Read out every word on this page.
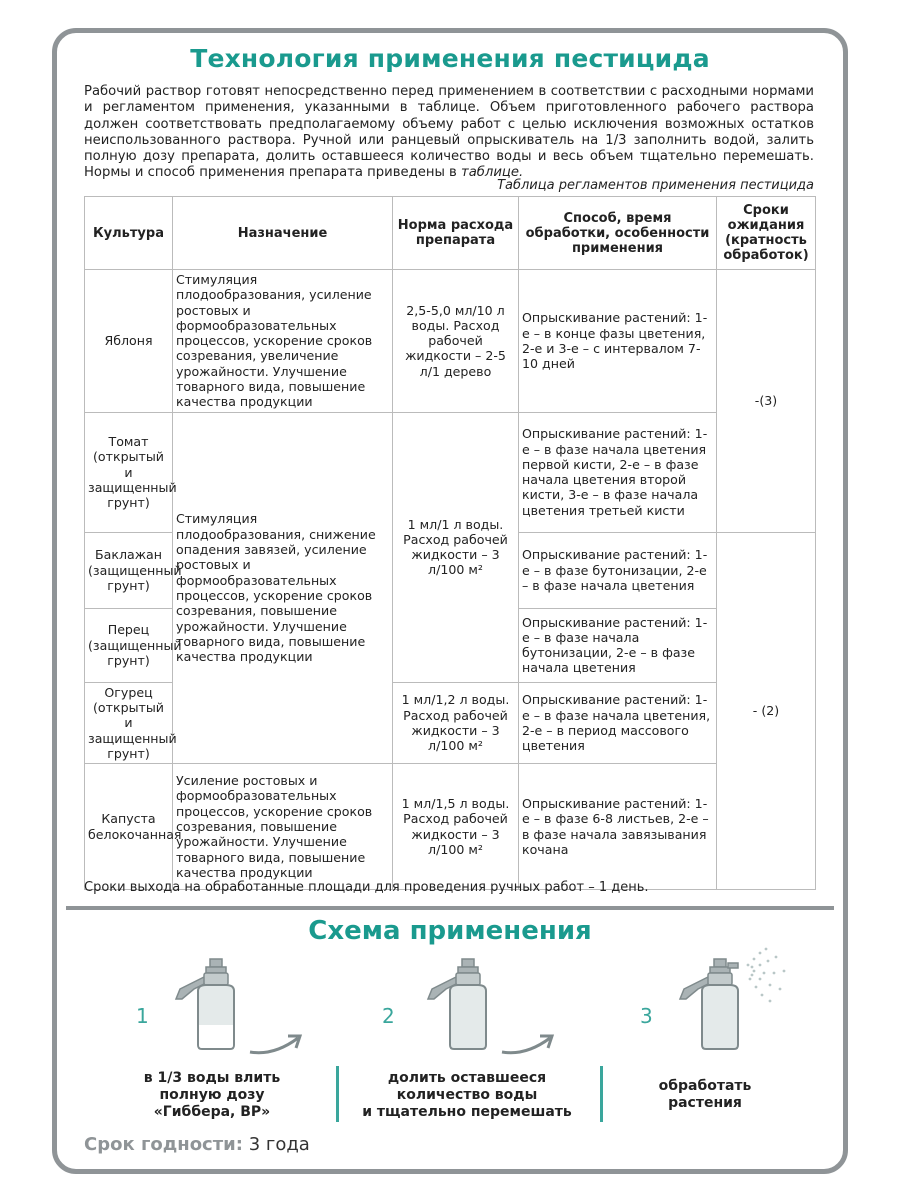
Технология применения пестицида
Рабочий раствор готовят непосредственно перед применением в соответствии с расходными нормами и регламентом применения, указанными в таблице. Объем приготовленного рабочего раствора должен соответствовать предполагаемому объему работ с целью исключения возможных остатков неиспользованного раствора. Ручной или ранцевый опрыскиватель на 1/3 заполнить водой, залить полную дозу препарата, долить оставшееся количество воды и весь объем тщательно перемешать. Нормы и способ применения препарата приведены в таблице.
Таблица регламентов применения пестицида
Культура	Назначение	Норма расхода препарата	Способ, время обработки, особенности применения	Сроки ожидания (кратность обработок)
Яблоня	Стимуляция плодообразования, усиление ростовых и формообразовательных процессов, ускорение сроков созревания, увеличение урожайности. Улучшение товарного вида, повышение качества продукции	2,5-5,0 мл/10 л воды. Расход рабочей жидкости – 2-5 л/1 дерево	Опрыскивание растений: 1-е – в конце фазы цветения, 2-е и 3-е – с интервалом 7-10 дней	-(3)
Томат (открытый и защищенный грунт)	Стимуляция плодообразования, снижение опадения завязей, усиление ростовых и формообразовательных процессов, ускорение сроков созревания, повышение урожайности. Улучшение товарного вида, повышение качества продукции	1 мл/1 л воды. Расход рабочей жидкости – 3 л/100 м²	Опрыскивание растений: 1-е – в фазе начала цветения первой кисти, 2-е – в фазе начала цветения второй кисти, 3-е – в фазе начала цветения третьей кисти	
Баклажан (защищенный грунт)			Опрыскивание растений: 1-е – в фазе бутонизации, 2-е – в фазе начала цветения	- (2)
Перец (защищенный грунт)			Опрыскивание растений: 1-е – в фазе начала бутонизации, 2-е – в фазе начала цветения	
Огурец (открытый и защищенный грунт)		1 мл/1,2 л воды. Расход рабочей жидкости – 3 л/100 м²	Опрыскивание растений: 1-е – в фазе начала цветения, 2-е – в период массового цветения	
Капуста белокочанная	Усиление ростовых и формообразовательных процессов, ускорение сроков созревания, повышение урожайности. Улучшение товарного вида, повышение качества продукции	1 мл/1,5 л воды. Расход рабочей жидкости – 3 л/100 м²	Опрыскивание растений: 1-е – в фазе 6-8 листьев, 2-е – в фазе начала завязывания кочана	
Сроки выхода на обработанные площади для проведения ручных работ – 1 день.
Схема применения
1
в 1/3 воды влить
полную дозу
«Гиббера, ВР»
2
долить оставшееся
количество воды
и тщательно перемешать
3
обработать
растения
Срок годности: 3 года
